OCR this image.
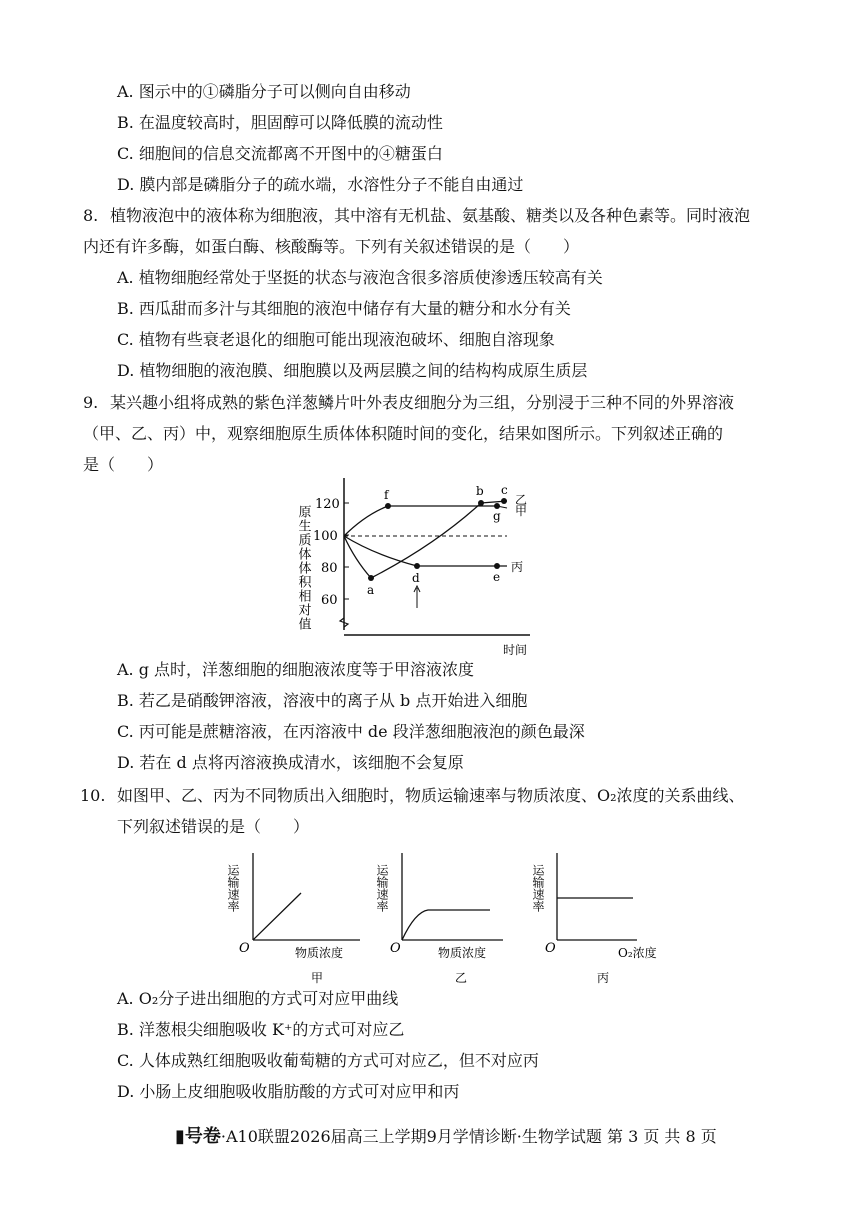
A. 图示中的①磷脂分子可以侧向自由移动
B. 在温度较高时，胆固醇可以降低膜的流动性
C. 细胞间的信息交流都离不开图中的④糖蛋白
D. 膜内部是磷脂分子的疏水端，水溶性分子不能自由通过
8. 植物液泡中的液体称为细胞液，其中溶有无机盐、氨基酸、糖类以及各种色素等。同时液泡
内还有许多酶，如蛋白酶、核酸酶等。下列有关叙述错误的是（　　）
A. 植物细胞经常处于坚挺的状态与液泡含很多溶质使渗透压较高有关
B. 西瓜甜而多汁与其细胞的液泡中储存有大量的糖分和水分有关
C. 植物有些衰老退化的细胞可能出现液泡破坏、细胞自溶现象
D. 植物细胞的液泡膜、细胞膜以及两层膜之间的结构构成原生质层
9. 某兴趣小组将成熟的紫色洋葱鳞片叶外表皮细胞分为三组，分别浸于三种不同的外界溶液
（甲、乙、丙）中，观察细胞原生质体体积随时间的变化，结果如图所示。下列叙述正确的
是（　　）
原生质体体积相对值
120
100
80
60
a
f
d
b c
g
e
乙
甲
丙
时间
A. g 点时，洋葱细胞的细胞液浓度等于甲溶液浓度
B. 若乙是硝酸钾溶液，溶液中的离子从 b 点开始进入细胞
C. 丙可能是蔗糖溶液，在丙溶液中 de 段洋葱细胞液泡的颜色最深
D. 若在 d 点将丙溶液换成清水，该细胞不会复原
10. 如图甲、乙、丙为不同物质出入细胞时，物质运输速率与物质浓度、O₂浓度的关系曲线、
下列叙述错误的是（　　）
运输速率
O	物质浓度
甲
运输速率
O	物质浓度
乙
运输速率
O	O₂浓度
丙
A. O₂分子进出细胞的方式可对应甲曲线
B. 洋葱根尖细胞吸收 K⁺的方式可对应乙
C. 人体成熟红细胞吸收葡萄糖的方式可对应乙，但不对应丙
D. 小肠上皮细胞吸收脂肪酸的方式可对应甲和丙
▮号卷·A10联盟2026届高三上学期9月学情诊断·生物学试题 第 3 页 共 8 页
